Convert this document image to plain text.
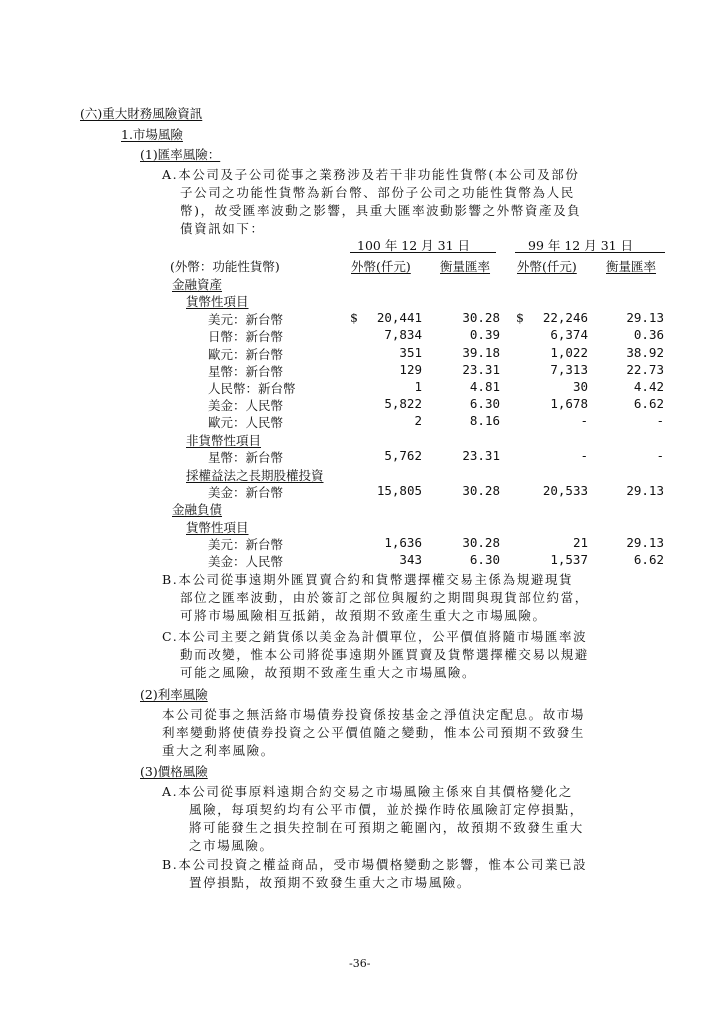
(六)重大財務風險資訊
1.市場風險
(1)匯率風險：
A.本公司及子公司從事之業務涉及若干非功能性貨幣(本公司及部份
子公司之功能性貨幣為新台幣、部份子公司之功能性貨幣為人民
幣)，故受匯率波動之影響，具重大匯率波動影響之外幣資產及負
債資訊如下：
100 年 12 月 31 日	99 年 12 月 31 日
(外幣：功能性貨幣)	外幣(仟元) 衡量匯率 外幣(仟元) 衡量匯率
金融資產
貨幣性項目
$	$
美元：新台幣	20,441	30.28	22,246	29.13
日幣：新台幣	7,834	0.39	6,374	0.36
歐元：新台幣	351	39.18	1,022	38.92
星幣：新台幣	129	23.31	7,313	22.73
人民幣：新台幣	1	4.81	30	4.42
美金：人民幣	5,822	6.30	1,678	6.62
歐元：人民幣	2	8.16	-	-
非貨幣性項目
星幣：新台幣	5,762	23.31	-	-
採權益法之長期股權投資
美金：新台幣	15,805	30.28	20,533	29.13
金融負債
貨幣性項目
美元：新台幣	1,636	30.28	21	29.13
美金：人民幣	343	6.30	1,537	6.62
B.本公司從事遠期外匯買賣合約和貨幣選擇權交易主係為規避現貨
部位之匯率波動，由於簽訂之部位與履約之期間與現貨部位約當，
可將市場風險相互抵銷，故預期不致產生重大之市場風險。
C.本公司主要之銷貨係以美金為計價單位，公平價值將隨市場匯率波
動而改變，惟本公司將從事遠期外匯買賣及貨幣選擇權交易以規避
可能之風險，故預期不致產生重大之市場風險。
(2)利率風險
本公司從事之無活絡市場債券投資係按基金之淨值決定配息。故市場
利率變動將使債券投資之公平價值隨之變動，惟本公司預期不致發生
重大之利率風險。
(3)價格風險
A.本公司從事原料遠期合約交易之市場風險主係來自其價格變化之
風險，每項契約均有公平市價，並於操作時依風險訂定停損點，
將可能發生之損失控制在可預期之範圍內，故預期不致發生重大
之市場風險。
B.本公司投資之權益商品，受市場價格變動之影響，惟本公司業已設
置停損點，故預期不致發生重大之市場風險。
-36-
